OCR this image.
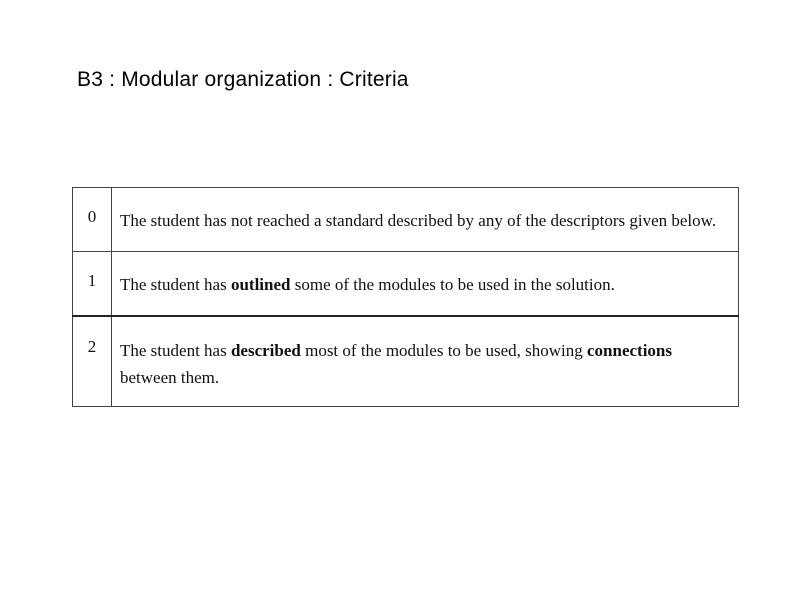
B3 : Modular organization : Criteria
0	The student has not reached a standard described by any of the descriptors given below.
1	The student has outlined some of the modules to be used in the solution.
2	The student has described most of the modules to be used, showing connections between them.
